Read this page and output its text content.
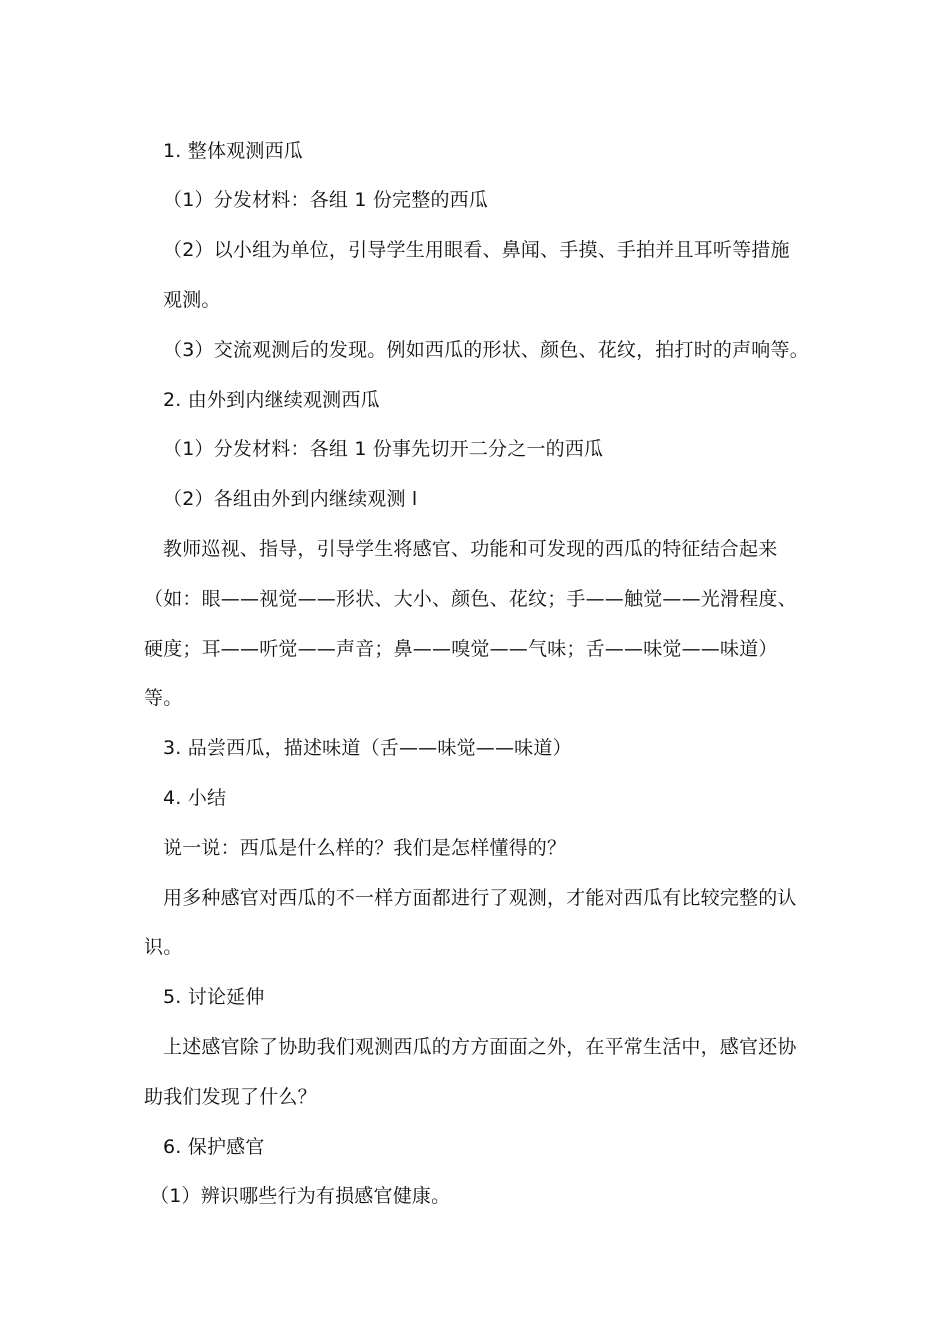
1. 整体观测西瓜
（1）分发材料：各组 1 份完整的西瓜
（2）以小组为单位，引导学生用眼看、鼻闻、手摸、手拍并且耳听等措施
观测。
（3）交流观测后的发现。例如西瓜的形状、颜色、花纹，拍打时的声响等。
2. 由外到内继续观测西瓜
（1）分发材料：各组 1 份事先切开二分之一的西瓜
（2）各组由外到内继续观测 l
教师巡视、指导，引导学生将感官、功能和可发现的西瓜的特征结合起来
（如：眼——视觉——形状、大小、颜色、花纹；手——触觉——光滑程度、
硬度；耳——听觉——声音；鼻——嗅觉——气味；舌——味觉——味道）
等。
3. 品尝西瓜，描述味道（舌——味觉——味道）
4. 小结
说一说：西瓜是什么样的？我们是怎样懂得的？
用多种感官对西瓜的不一样方面都进行了观测，才能对西瓜有比较完整的认
识。
5. 讨论延伸
上述感官除了协助我们观测西瓜的方方面面之外，在平常生活中，感官还协
助我们发现了什么？
6. 保护感官
（1）辨识哪些行为有损感官健康。
